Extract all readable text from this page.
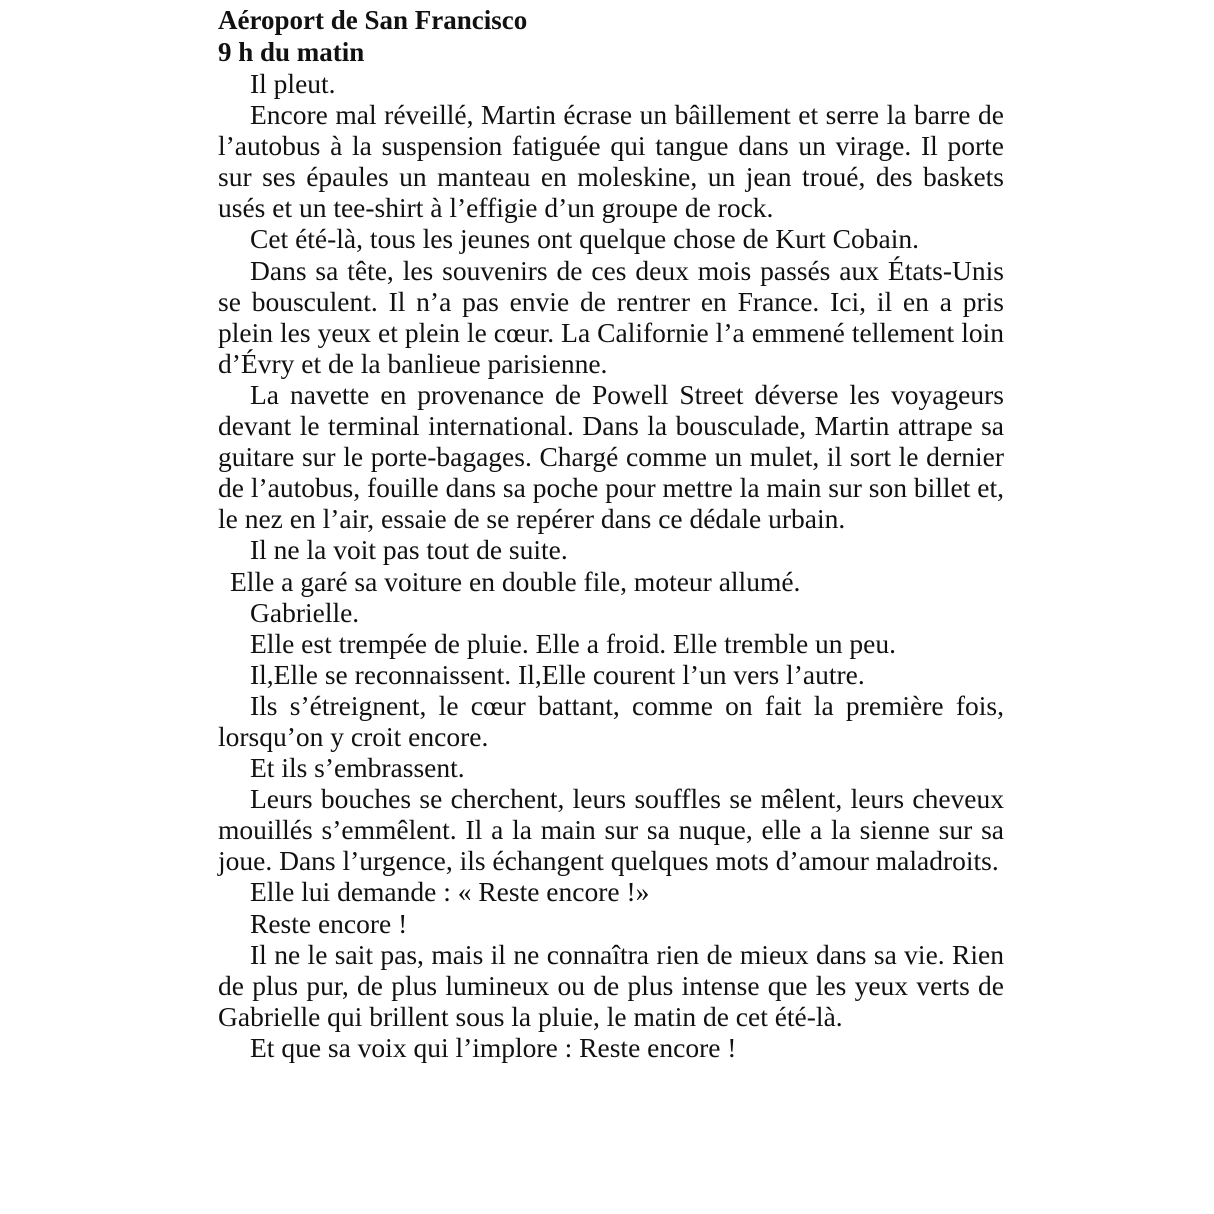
Aéroport de San Francisco

9 h du matin

Il pleut.

Encore mal réveillé, Martin écrase un bâillement et serre la barre de l’autobus à la suspension fatiguée qui tangue dans un virage. Il porte sur ses épaules un manteau en moleskine, un jean troué, des baskets usés et un tee-shirt à l’effigie d’un groupe de rock.

Cet été-là, tous les jeunes ont quelque chose de Kurt Cobain.

Dans sa tête, les souvenirs de ces deux mois passés aux États-Unis se bousculent. Il n’a pas envie de rentrer en France. Ici, il en a pris plein les yeux et plein le cœur. La Californie l’a emmené tellement loin d’Évry et de la banlieue parisienne.

La navette en provenance de Powell Street déverse les voyageurs devant le terminal international. Dans la bousculade, Martin attrape sa guitare sur le porte-bagages. Chargé comme un mulet, il sort le dernier de l’autobus, fouille dans sa poche pour mettre la main sur son billet et, le nez en l’air, essaie de se repérer dans ce dédale urbain.

Il ne la voit pas tout de suite.

Elle a garé sa voiture en double file, moteur allumé.

Gabrielle.

Elle est trempée de pluie. Elle a froid. Elle tremble un peu.

Il,Elle se reconnaissent. Il,Elle courent l’un vers l’autre.

Ils s’étreignent, le cœur battant, comme on fait la première fois, lorsqu’on y croit encore.

Et ils s’embrassent.

Leurs bouches se cherchent, leurs souffles se mêlent, leurs cheveux mouillés s’emmêlent. Il a la main sur sa nuque, elle a la sienne sur sa joue. Dans l’urgence, ils échangent quelques mots d’amour maladroits.

Elle lui demande : « Reste encore !»

Reste encore !

Il ne le sait pas, mais il ne connaîtra rien de mieux dans sa vie. Rien de plus pur, de plus lumineux ou de plus intense que les yeux verts de Gabrielle qui brillent sous la pluie, le matin de cet été-là.

Et que sa voix qui l’implore : Reste encore !
